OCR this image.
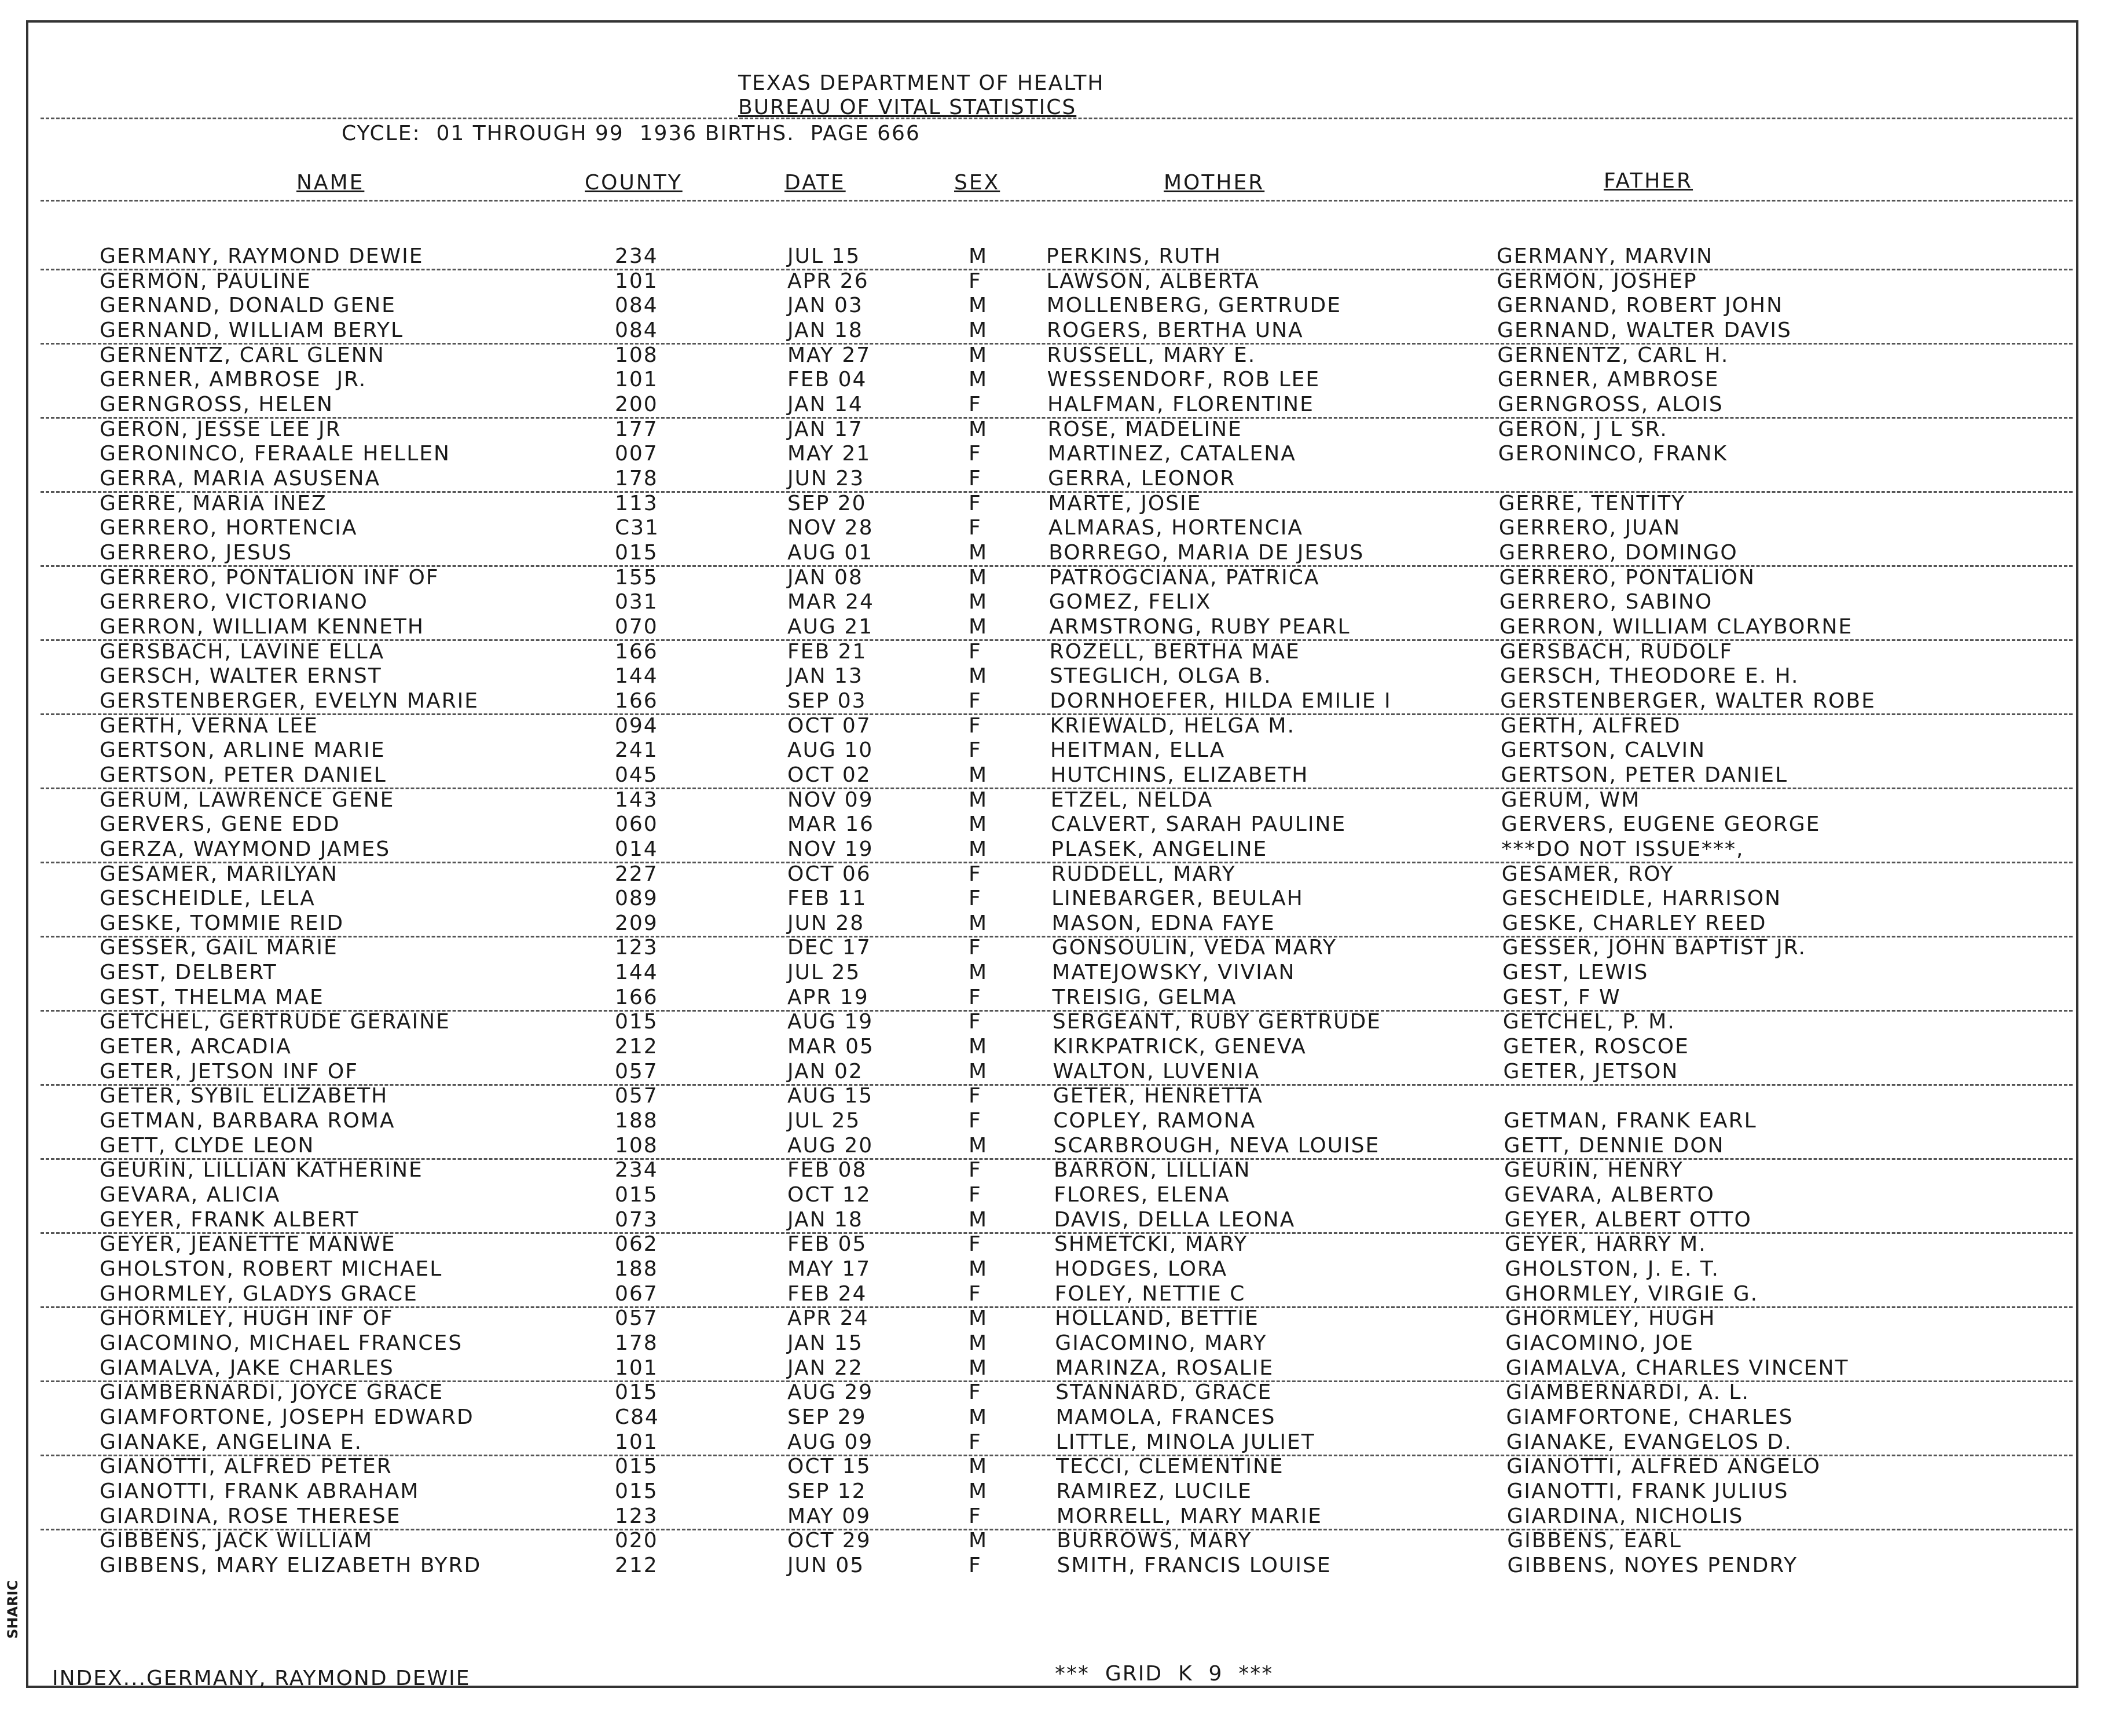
TEXAS DEPARTMENT OF HEALTH
BUREAU OF VITAL STATISTICS
CYCLE:  01 THROUGH 99  1936 BIRTHS.  PAGE 666
NAME	COUNTY	DATE	SEX	MOTHER	FATHER
GERMANY, RAYMOND DEWIE	234	JUL 15	M	PERKINS, RUTH	GERMANY, MARVIN
GERMON, PAULINE	101	APR 26	F	LAWSON, ALBERTA	GERMON, JOSHEP
GERNAND, DONALD GENE	084	JAN 03	M	MOLLENBERG, GERTRUDE	GERNAND, ROBERT JOHN
GERNAND, WILLIAM BERYL	084	JAN 18	M	ROGERS, BERTHA UNA	GERNAND, WALTER DAVIS
GERNENTZ, CARL GLENN	108	MAY 27	M	RUSSELL, MARY E.	GERNENTZ, CARL H.
GERNER, AMBROSE  JR.	101	FEB 04	M	WESSENDORF, ROB LEE	GERNER, AMBROSE
GERNGROSS, HELEN	200	JAN 14	F	HALFMAN, FLORENTINE	GERNGROSS, ALOIS
GERON, JESSE LEE JR	177	JAN 17	M	ROSE, MADELINE	GERON, J L SR.
GERONINCO, FERAALE HELLEN	007	MAY 21	F	MARTINEZ, CATALENA	GERONINCO, FRANK
GERRA, MARIA ASUSENA	178	JUN 23	F	GERRA, LEONOR
GERRE, MARIA INEZ	113	SEP 20	F	MARTE, JOSIE	GERRE, TENTITY
GERRERO, HORTENCIA	C31	NOV 28	F	ALMARAS, HORTENCIA	GERRERO, JUAN
GERRERO, JESUS	015	AUG 01	M	BORREGO, MARIA DE JESUS	GERRERO, DOMINGO
GERRERO, PONTALION INF OF	155	JAN 08	M	PATROGCIANA, PATRICA	GERRERO, PONTALION
GERRERO, VICTORIANO	031	MAR 24	M	GOMEZ, FELIX	GERRERO, SABINO
GERRON, WILLIAM KENNETH	070	AUG 21	M	ARMSTRONG, RUBY PEARL	GERRON, WILLIAM CLAYBORNE
GERSBACH, LAVINE ELLA	166	FEB 21	F	ROZELL, BERTHA MAE	GERSBACH, RUDOLF
GERSCH, WALTER ERNST	144	JAN 13	M	STEGLICH, OLGA B.	GERSCH, THEODORE E. H.
GERSTENBERGER, EVELYN MARIE	166	SEP 03	F	DORNHOEFER, HILDA EMILIE I	GERSTENBERGER, WALTER ROBE
GERTH, VERNA LEE	094	OCT 07	F	KRIEWALD, HELGA M.	GERTH, ALFRED
GERTSON, ARLINE MARIE	241	AUG 10	F	HEITMAN, ELLA	GERTSON, CALVIN
GERTSON, PETER DANIEL	045	OCT 02	M	HUTCHINS, ELIZABETH	GERTSON, PETER DANIEL
GERUM, LAWRENCE GENE	143	NOV 09	M	ETZEL, NELDA	GERUM, WM
GERVERS, GENE EDD	060	MAR 16	M	CALVERT, SARAH PAULINE	GERVERS, EUGENE GEORGE
GERZA, WAYMOND JAMES	014	NOV 19	M	PLASEK, ANGELINE	***DO NOT ISSUE***,
GESAMER, MARILYAN	227	OCT 06	F	RUDDELL, MARY	GESAMER, ROY
GESCHEIDLE, LELA	089	FEB 11	F	LINEBARGER, BEULAH	GESCHEIDLE, HARRISON
GESKE, TOMMIE REID	209	JUN 28	M	MASON, EDNA FAYE	GESKE, CHARLEY REED
GESSER, GAIL MARIE	123	DEC 17	F	GONSOULIN, VEDA MARY	GESSER, JOHN BAPTIST JR.
GEST, DELBERT	144	JUL 25	M	MATEJOWSKY, VIVIAN	GEST, LEWIS
GEST, THELMA MAE	166	APR 19	F	TREISIG, GELMA	GEST, F W
GETCHEL, GERTRUDE GERAINE	015	AUG 19	F	SERGEANT, RUBY GERTRUDE	GETCHEL, P. M.
GETER, ARCADIA	212	MAR 05	M	KIRKPATRICK, GENEVA	GETER, ROSCOE
GETER, JETSON INF OF	057	JAN 02	M	WALTON, LUVENIA	GETER, JETSON
GETER, SYBIL ELIZABETH	057	AUG 15	F	GETER, HENRETTA
GETMAN, BARBARA ROMA	188	JUL 25	F	COPLEY, RAMONA	GETMAN, FRANK EARL
GETT, CLYDE LEON	108	AUG 20	M	SCARBROUGH, NEVA LOUISE	GETT, DENNIE DON
GEURIN, LILLIAN KATHERINE	234	FEB 08	F	BARRON, LILLIAN	GEURIN, HENRY
GEVARA, ALICIA	015	OCT 12	F	FLORES, ELENA	GEVARA, ALBERTO
GEYER, FRANK ALBERT	073	JAN 18	M	DAVIS, DELLA LEONA	GEYER, ALBERT OTTO
GEYER, JEANETTE MANWE	062	FEB 05	F	SHMETCKI, MARY	GEYER, HARRY M.
GHOLSTON, ROBERT MICHAEL	188	MAY 17	M	HODGES, LORA	GHOLSTON, J. E. T.
GHORMLEY, GLADYS GRACE	067	FEB 24	F	FOLEY, NETTIE C	GHORMLEY, VIRGIE G.
GHORMLEY, HUGH INF OF	057	APR 24	M	HOLLAND, BETTIE	GHORMLEY, HUGH
GIACOMINO, MICHAEL FRANCES	178	JAN 15	M	GIACOMINO, MARY	GIACOMINO, JOE
GIAMALVA, JAKE CHARLES	101	JAN 22	M	MARINZA, ROSALIE	GIAMALVA, CHARLES VINCENT
GIAMBERNARDI, JOYCE GRACE	015	AUG 29	F	STANNARD, GRACE	GIAMBERNARDI, A. L.
GIAMFORTONE, JOSEPH EDWARD	C84	SEP 29	M	MAMOLA, FRANCES	GIAMFORTONE, CHARLES
GIANAKE, ANGELINA E.	101	AUG 09	F	LITTLE, MINOLA JULIET	GIANAKE, EVANGELOS D.
GIANOTTI, ALFRED PETER	015	OCT 15	M	TECCI, CLEMENTINE	GIANOTTI, ALFRED ANGELO
GIANOTTI, FRANK ABRAHAM	015	SEP 12	M	RAMIREZ, LUCILE	GIANOTTI, FRANK JULIUS
GIARDINA, ROSE THERESE	123	MAY 09	F	MORRELL, MARY MARIE	GIARDINA, NICHOLIS
GIBBENS, JACK WILLIAM	020	OCT 29	M	BURROWS, MARY	GIBBENS, EARL
GIBBENS, MARY ELIZABETH BYRD	212	JUN 05	F	SMITH, FRANCIS LOUISE	GIBBENS, NOYES PENDRY
INDEX...GERMANY, RAYMOND DEWIE	***  GRID  K  9  ***
SHARIC
